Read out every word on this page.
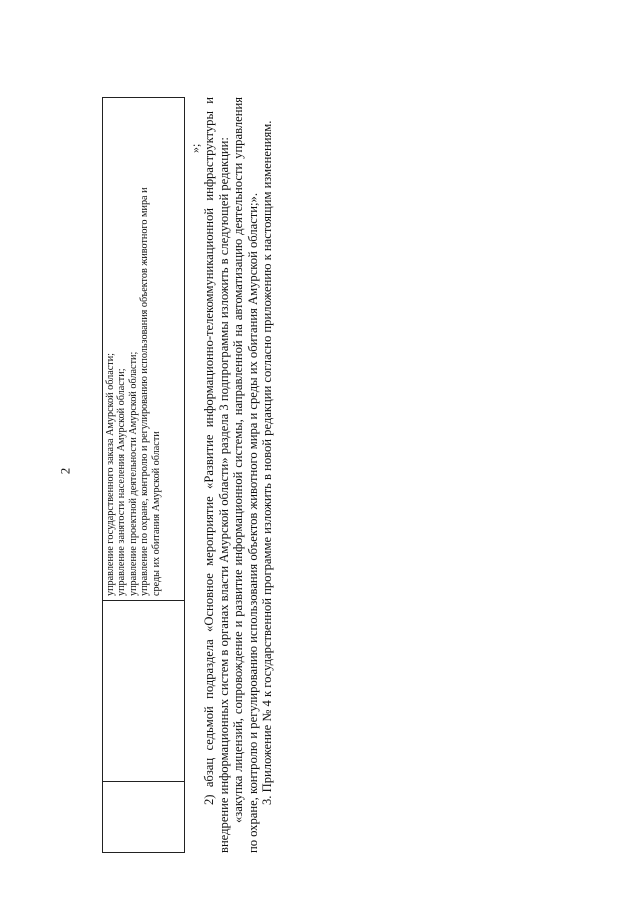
2
			управление государственного заказа Амурской области; управление занятости населения Амурской области; управление проектной деятельности Амурской области; управление по охране, контролю и регулированию использования объектов животного мира и среды их обитания Амурской области
»; 2) абзац седьмой подраздела «Основное мероприятие «Развитие информационно-телекоммуникационной инфраструктуры и внедрение информационных систем в органах власти Амурской области» раздела 3 подпрограммы изложить в следующей редакции: «закупка лицензий, сопровождение и развитие информационной системы, направленной на автоматизацию деятельности управления по охране, контролю и регулированию использования объектов животного мира и среды их обитания Амурской области;». 3. Приложение № 4 к государственной программе изложить в новой редакции согласно приложению к настоящим изменениям.
